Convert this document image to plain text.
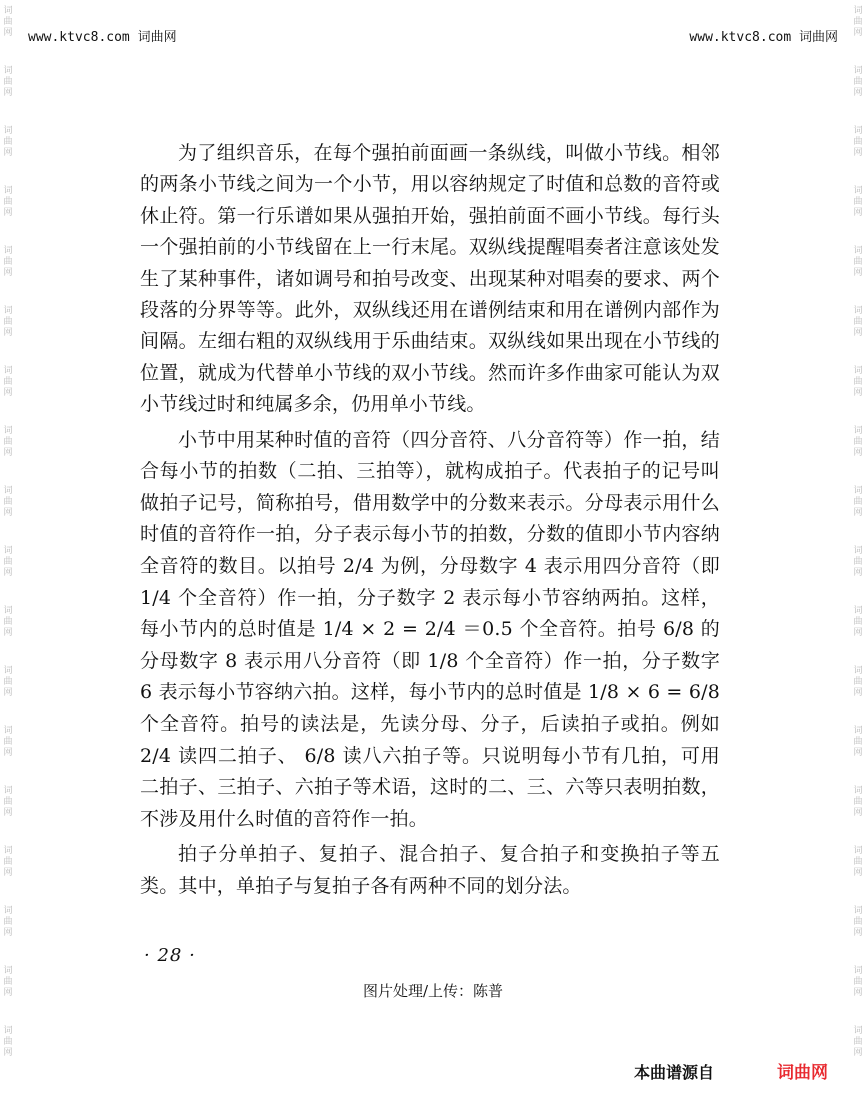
www.ktvc8.com 词曲网	www.ktvc8.com 词曲网
词
曲
网
词
曲
网
词
曲
网
词
曲
网
词
曲
网
词
曲
网
词
曲
网
词
曲
网
词
曲
网
词
曲
网
词
曲
网
词
曲
网
词
曲
网
词
曲
网
词
曲
网
词
曲
网
词
曲
网
词
曲
网
词
曲
网
词
曲
网
词
曲
网
词
曲
网
词
曲
网
词
曲
网
词
曲
网
词
曲
网
词
曲
网
词
曲
网
词
曲
网
词
曲
网
词
曲
网
词
曲
网
词
曲
网
词
曲
网
词
曲
网
词
曲
网

为了组织音乐，在每个强拍前面画一条纵线，叫做小节线。相邻的两条小节线之间为一个小节，用以容纳规定了时值和总数的音符或休止符。第一行乐谱如果从强拍开始，强拍前面不画小节线。每行头一个强拍前的小节线留在上一行末尾。双纵线提醒唱奏者注意该处发生了某种事件，诸如调号和拍号改变、出现某种对唱奏的要求、两个段落的分界等等。此外，双纵线还用在谱例结束和用在谱例内部作为间隔。左细右粗的双纵线用于乐曲结束。双纵线如果出现在小节线的位置，就成为代替单小节线的双小节线。然而许多作曲家可能认为双小节线过时和纯属多余，仍用单小节线。

小节中用某种时值的音符（四分音符、八分音符等）作一拍，结合每小节的拍数（二拍、三拍等），就构成拍子。代表拍子的记号叫做拍子记号，简称拍号，借用数学中的分数来表示。分母表示用什么时值的音符作一拍，分子表示每小节的拍数，分数的值即小节内容纳全音符的数目。以拍号 2/4 为例，分母数字 4 表示用四分音符（即 1/4 个全音符）作一拍，分子数字 2 表示每小节容纳两拍。这样，每小节内的总时值是 1/4 × 2 = 2/4 ＝0.5 个全音符。拍号 6/8 的分母数字 8 表示用八分音符（即 1/8 个全音符）作一拍，分子数字 6 表示每小节容纳六拍。这样，每小节内的总时值是 1/8 × 6 = 6/8 个全音符。拍号的读法是，先读分母、分子，后读拍子或拍。例如 2/4 读四二拍子、 6/8 读八六拍子等。只说明每小节有几拍，可用二拍子、三拍子、六拍子等术语，这时的二、三、六等只表明拍数，不涉及用什么时值的音符作一拍。

拍子分单拍子、复拍子、混合拍子、复合拍子和变换拍子等五类。其中，单拍子与复拍子各有两种不同的划分法。

· 28 ·
图片处理/上传：陈普
本曲谱源自	词曲网
